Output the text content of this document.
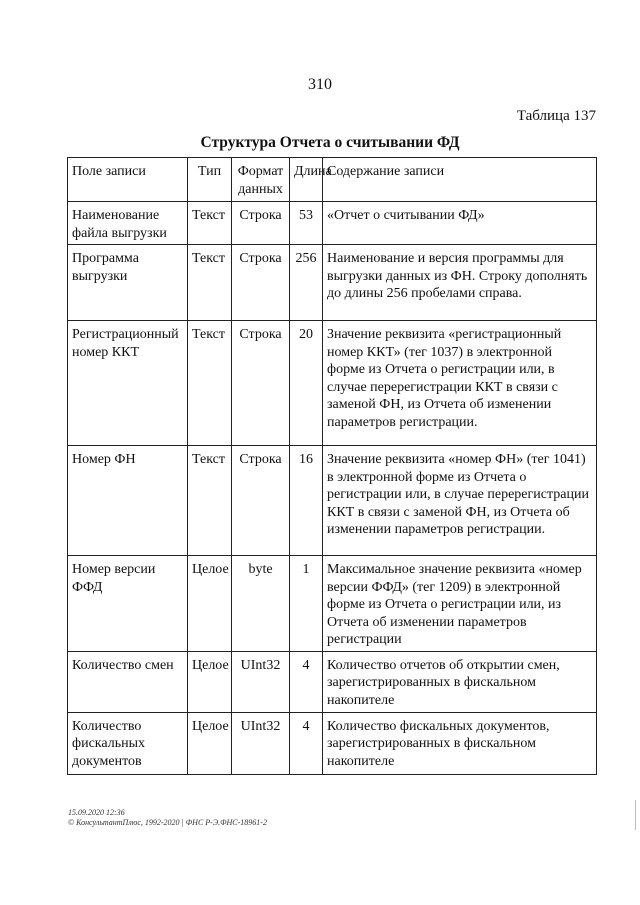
310
Таблица 137
Структура Отчета о считывании ФД
Поле записи	Тип	Формат данных	Длина	Содержание записи
Наименование файла выгрузки	Текст	Строка	53	«Отчет о считывании ФД»
Программа выгрузки	Текст	Строка	256	Наименование и версия программы для выгрузки данных из ФН. Строку дополнять до длины 256 пробелами справа.
Регистрационный номер ККТ	Текст	Строка	20	Значение реквизита «регистрационный номер ККТ» (тег 1037) в электронной форме из Отчета о регистрации или, в случае перерегистрации ККТ в связи с заменой ФН, из Отчета об изменении параметров регистрации.
Номер ФН	Текст	Строка	16	Значение реквизита «номер ФН» (тег 1041) в электронной форме из Отчета о регистрации или, в случае перерегистрации ККТ в связи с заменой ФН, из Отчета об изменении параметров регистрации.
Номер версии ФФД	Целое	byte	1	Максимальное значение реквизита «номер версии ФФД» (тег 1209) в электронной форме из Отчета о регистрации или, из Отчета об изменении параметров регистрации
Количество смен	Целое	UInt32	4	Количество отчетов об открытии смен, зарегистрированных в фискальном накопителе
Количество фискальных документов	Целое	UInt32	4	Количество фискальных документов, зарегистрированных в фискальном накопителе
15.09.2020 12:36
© КонсультантПлюс, 1992-2020 | ФНС Р-Э.ФНС-18961-2
